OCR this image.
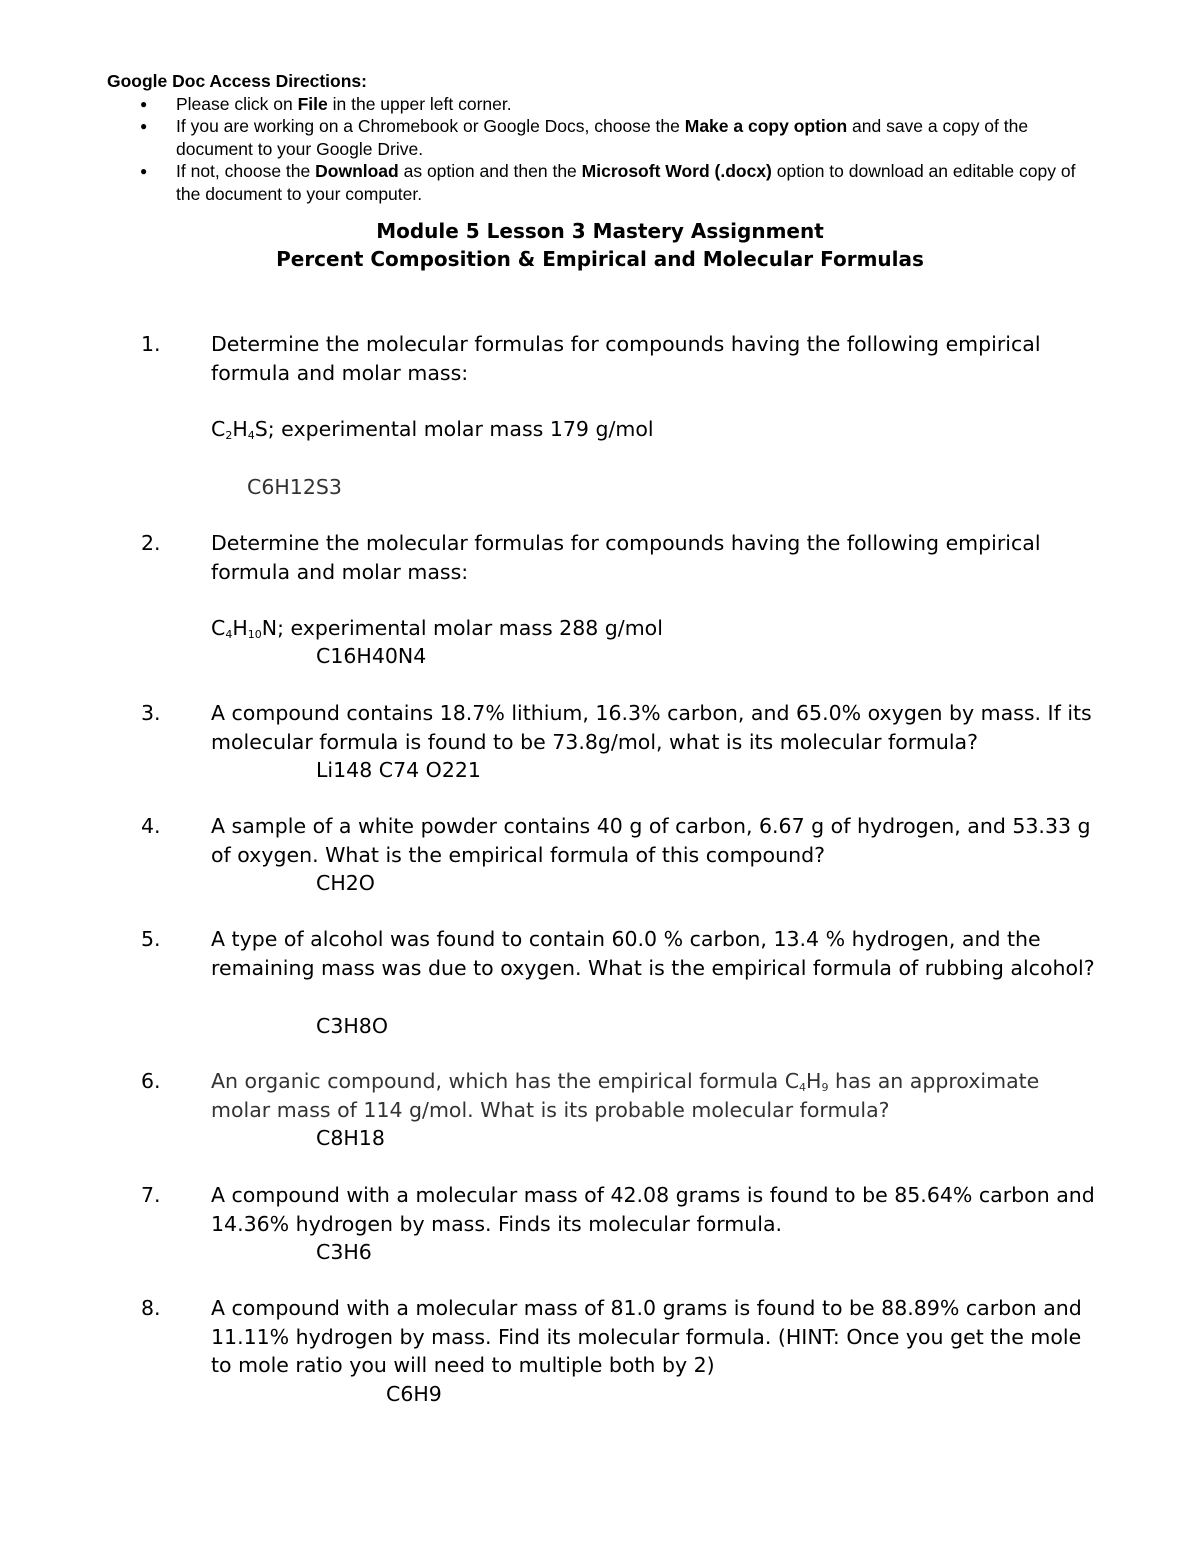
Google Doc Access Directions:

● Please click on File in the upper left corner.
● If you are working on a Chromebook or Google Docs, choose the Make a copy option and save a copy of the document to your Google Drive.
● If not, choose the Download as option and then the Microsoft Word (.docx) option to download an editable copy of the document to your computer.
Module 5 Lesson 3 Mastery Assignment
Percent Composition & Empirical and Molecular Formulas
1. Determine the molecular formulas for compounds having the following empirical formula and molar mass:
$C_2H_4S$; experimental molar mass 179 g/mol
C6H12S3
2. Determine the molecular formulas for compounds having the following empirical formula and molar mass:
$C_4H_{10}N$; experimental molar mass 288 g/mol
C16H40N4
3. A compound contains 18.7% lithium, 16.3% carbon, and 65.0% oxygen by mass. If its molecular formula is found to be 73.8g/mol, what is its molecular formula?
Li148 C74 O221
4. A sample of a white powder contains 40 g of carbon, 6.67 g of hydrogen, and 53.33 g of oxygen. What is the empirical formula of this compound?
CH2O
5. A type of alcohol was found to contain 60.0 % carbon, 13.4 % hydrogen, and the remaining mass was due to oxygen. What is the empirical formula of rubbing alcohol?
C3H8O
6. An organic compound, which has the empirical formula $C_4H_9$ has an approximate molar mass of 114 g/mol. What is its probable molecular formula?
C8H18
7. A compound with a molecular mass of 42.08 grams is found to be 85.64% carbon and 14.36% hydrogen by mass. Finds its molecular formula.
C3H6
8. A compound with a molecular mass of 81.0 grams is found to be 88.89% carbon and 11.11% hydrogen by mass. Find its molecular formula. (HINT: Once you get the mole to mole ratio you will need to multiple both by 2)
C6H9
